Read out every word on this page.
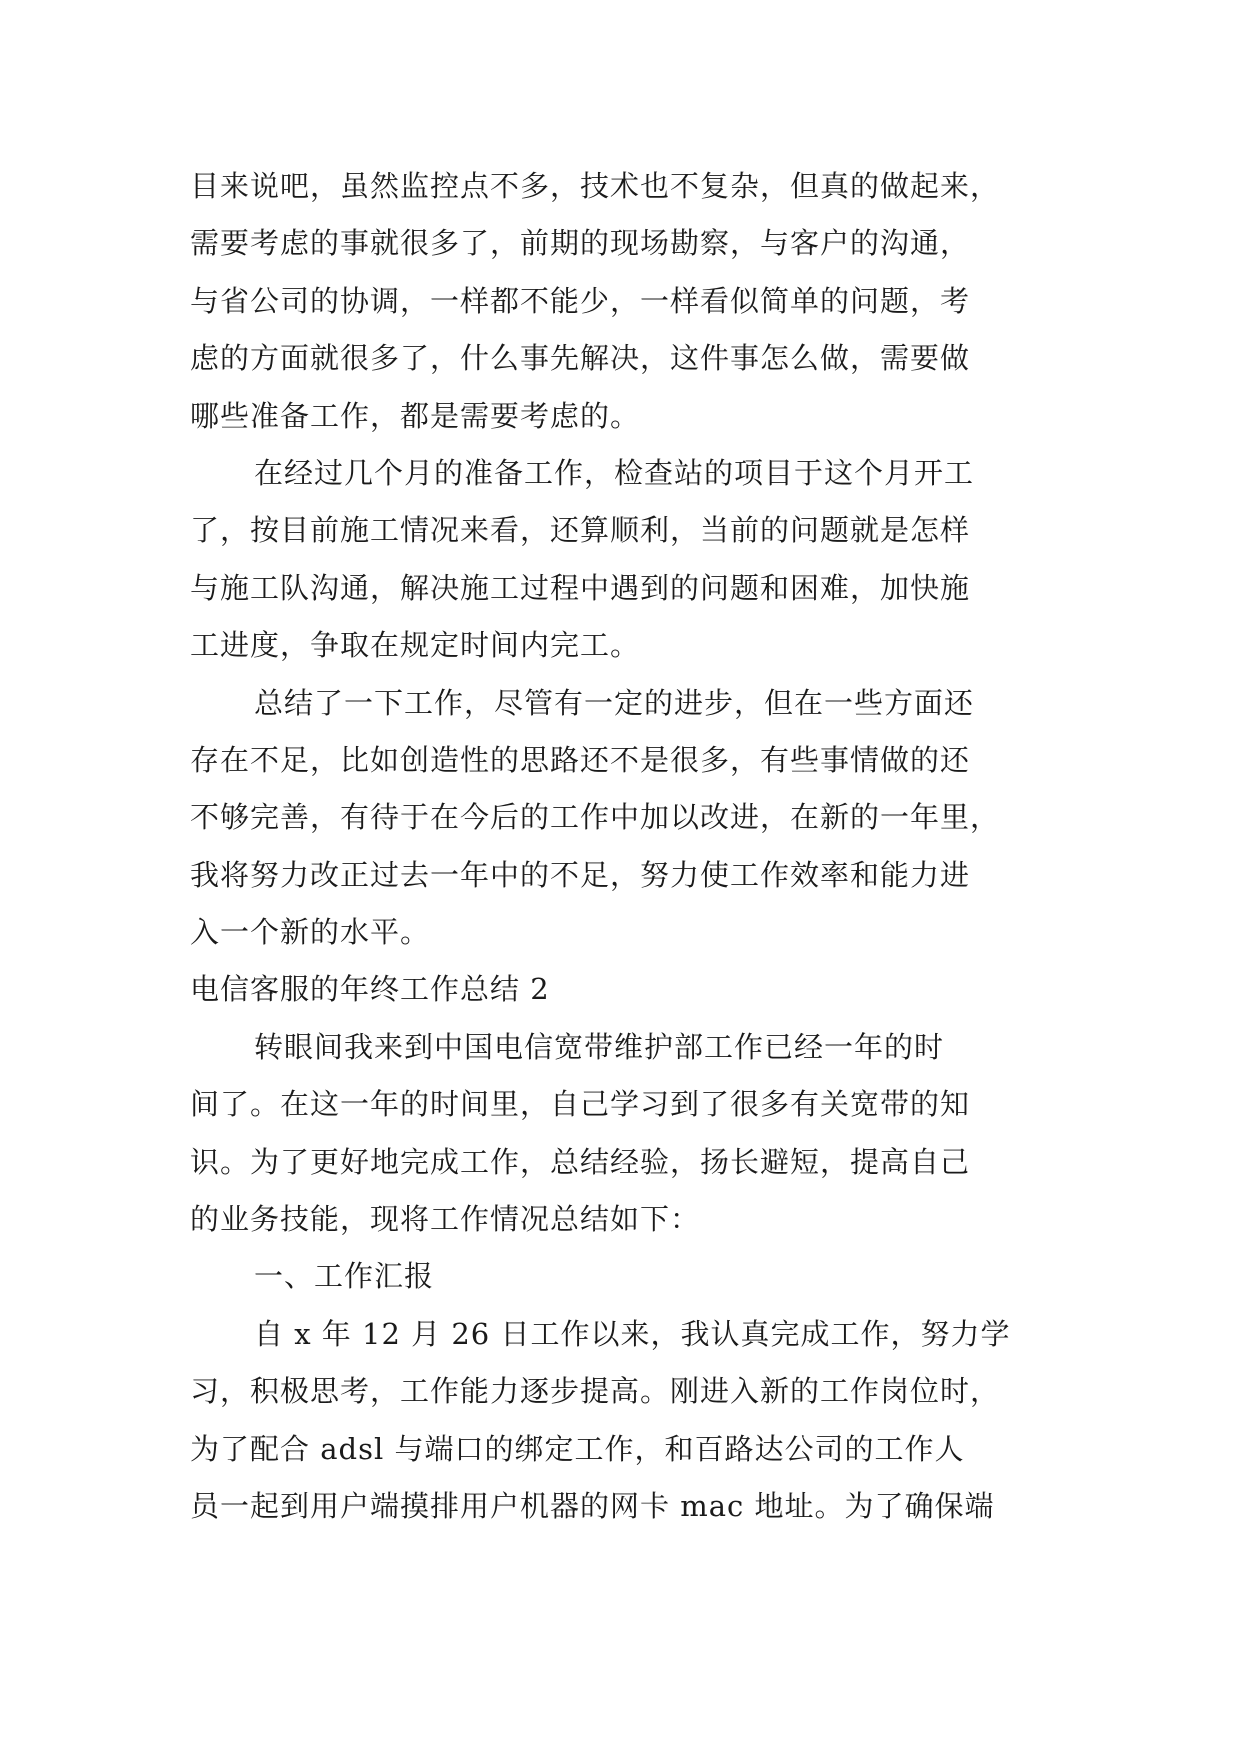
目来说吧，虽然监控点不多，技术也不复杂，但真的做起来，
需要考虑的事就很多了，前期的现场勘察，与客户的沟通，
与省公司的协调，一样都不能少，一样看似简单的问题，考
虑的方面就很多了，什么事先解决，这件事怎么做，需要做
哪些准备工作，都是需要考虑的。
在经过几个月的准备工作，检查站的项目于这个月开工
了，按目前施工情况来看，还算顺利，当前的问题就是怎样
与施工队沟通，解决施工过程中遇到的问题和困难，加快施
工进度，争取在规定时间内完工。
总结了一下工作，尽管有一定的进步，但在一些方面还
存在不足，比如创造性的思路还不是很多，有些事情做的还
不够完善，有待于在今后的工作中加以改进，在新的一年里，
我将努力改正过去一年中的不足，努力使工作效率和能力进
入一个新的水平。
电信客服的年终工作总结 2
转眼间我来到中国电信宽带维护部工作已经一年的时
间了。在这一年的时间里，自己学习到了很多有关宽带的知
识。为了更好地完成工作，总结经验，扬长避短，提高自己
的业务技能，现将工作情况总结如下：
一、工作汇报
自 x 年 12 月 26 日工作以来，我认真完成工作，努力学
习，积极思考，工作能力逐步提高。刚进入新的工作岗位时，
为了配合 adsl 与端口的绑定工作，和百路达公司的工作人
员一起到用户端摸排用户机器的网卡 mac 地址。为了确保端
